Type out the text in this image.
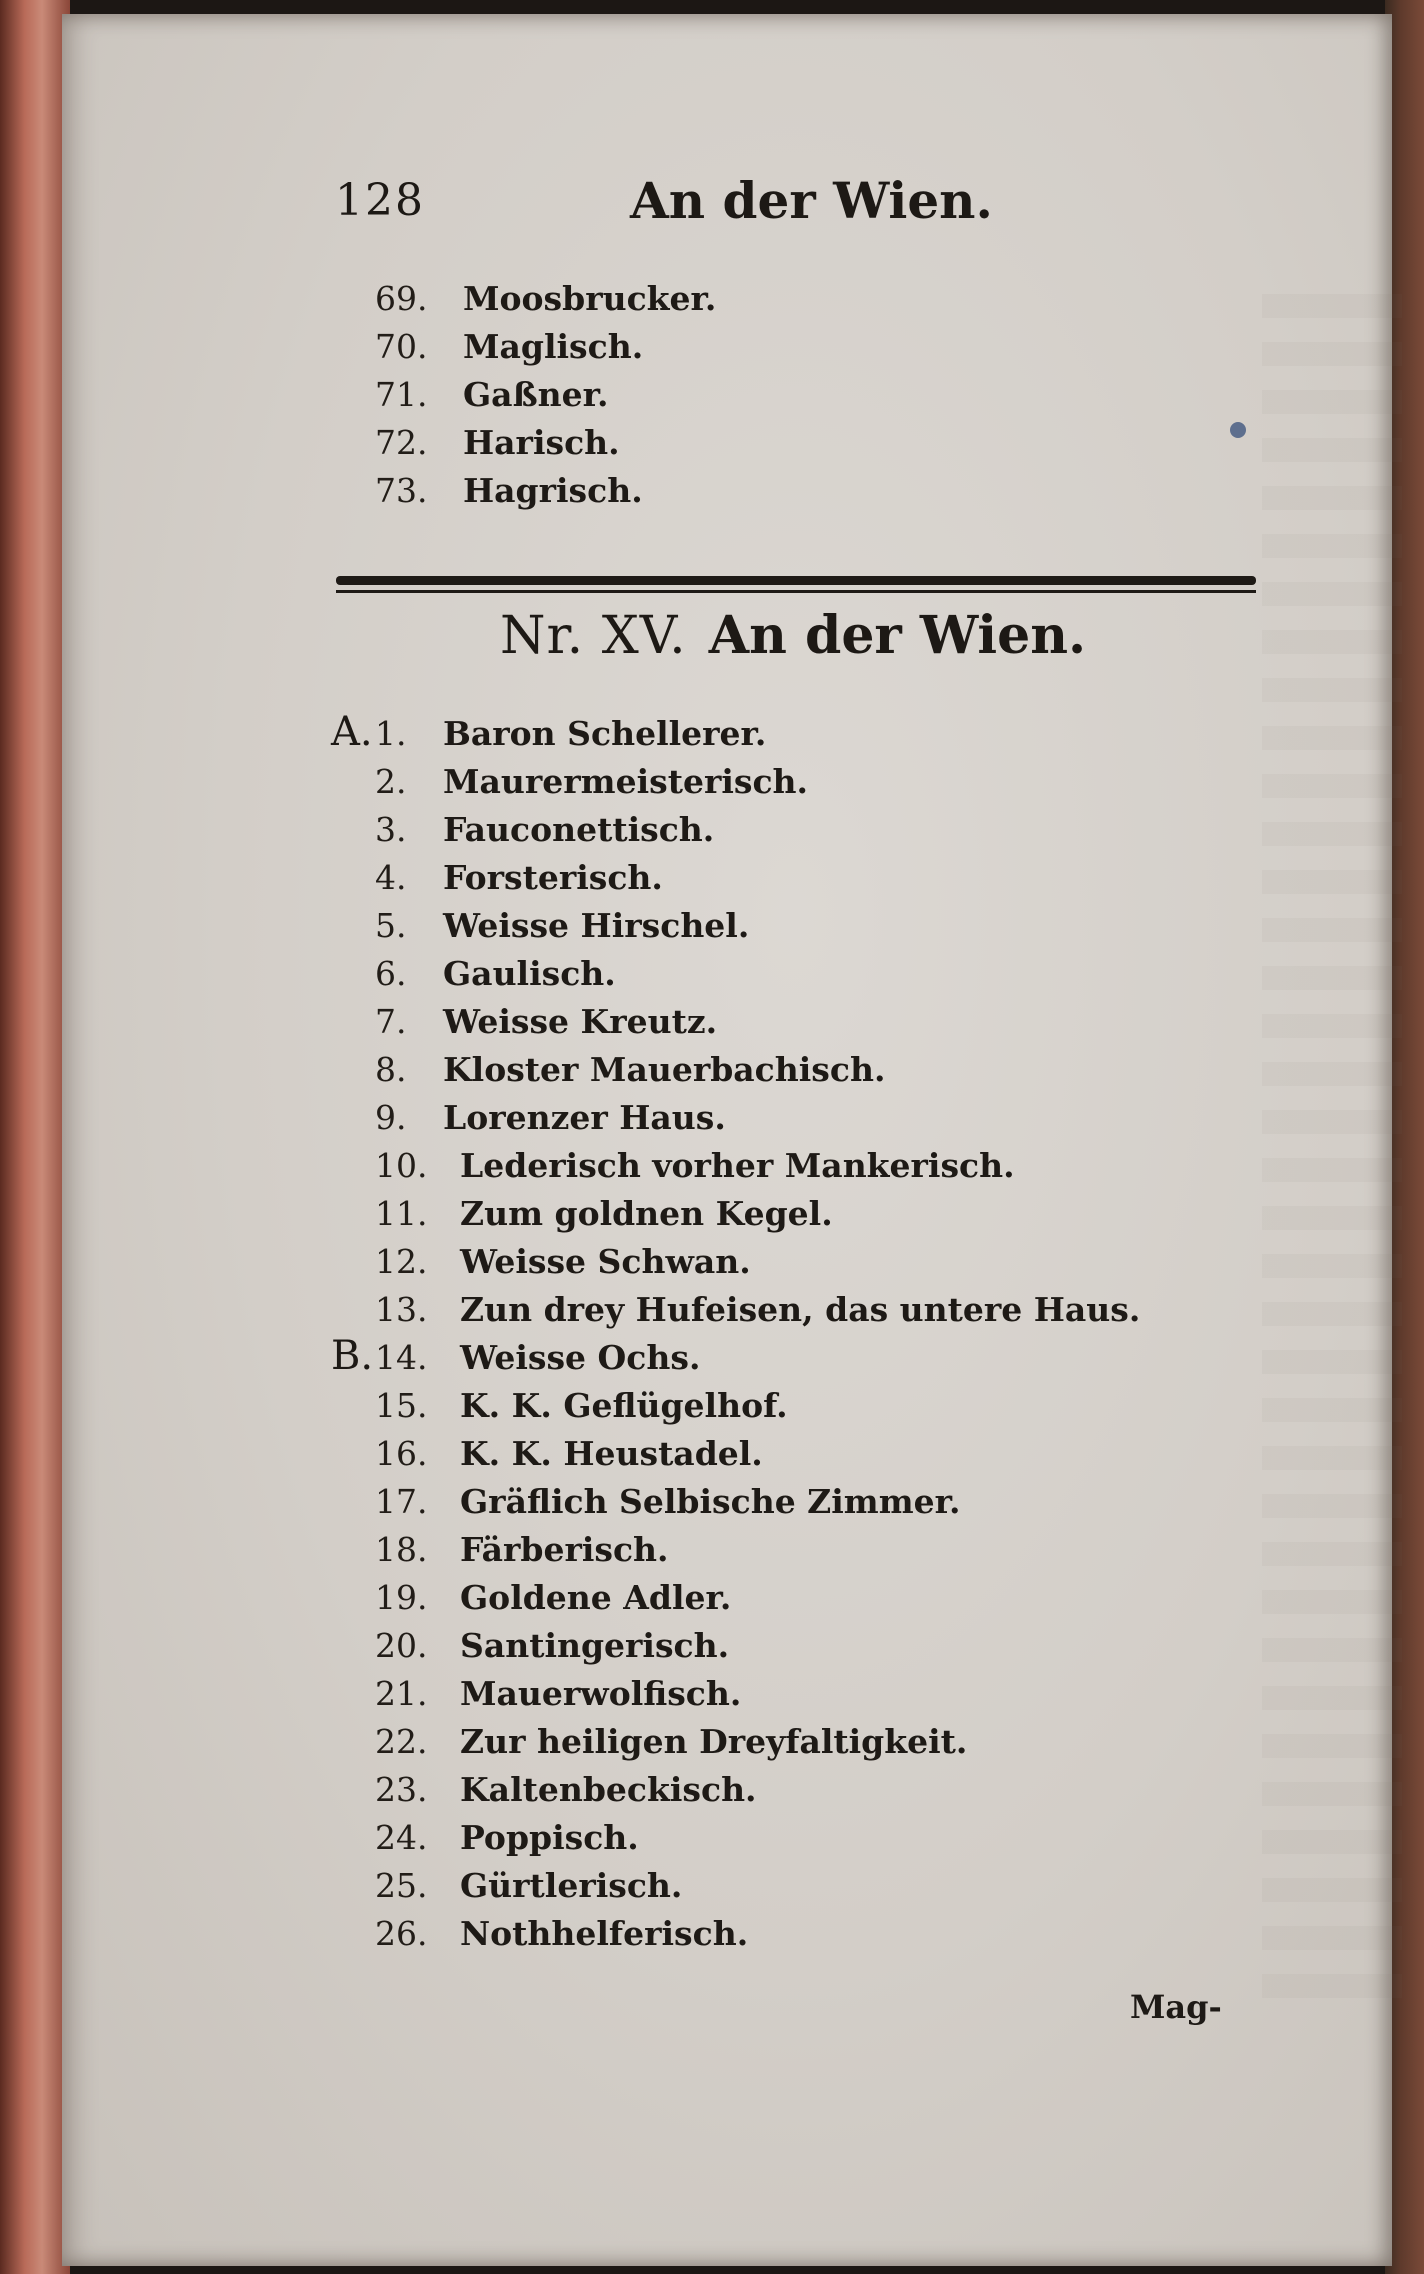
128	An der Wien.
69. Moosbrucker.
70. Maglisch.
71. Gaßner.
72. Harisch.
73. Hagrisch.
Nr. XV. An der Wien.
A. 1. Baron Schellerer.
2. Maurermeisterisch.
3. Fauconettisch.
4. Forsterisch.
5. Weisse Hirschel.
6. Gaulisch.
7. Weisse Kreutz.
8. Kloster Mauerbachisch.
9. Lorenzer Haus.
10. Lederisch vorher Mankerisch.
11. Zum goldnen Kegel.
12. Weisse Schwan.
13. Zun drey Hufeisen, das untere Haus.
B. 14. Weisse Ochs.
15. K. K. Geflügelhof.
16. K. K. Heustadel.
17. Gräflich Selbische Zimmer.
18. Färberisch.
19. Goldene Adler.
20. Santingerisch.
21. Mauerwolfisch.
22. Zur heiligen Dreyfaltigkeit.
23. Kaltenbeckisch.
24. Poppisch.
25. Gürtlerisch.
26. Nothhelferisch.
Mag-
